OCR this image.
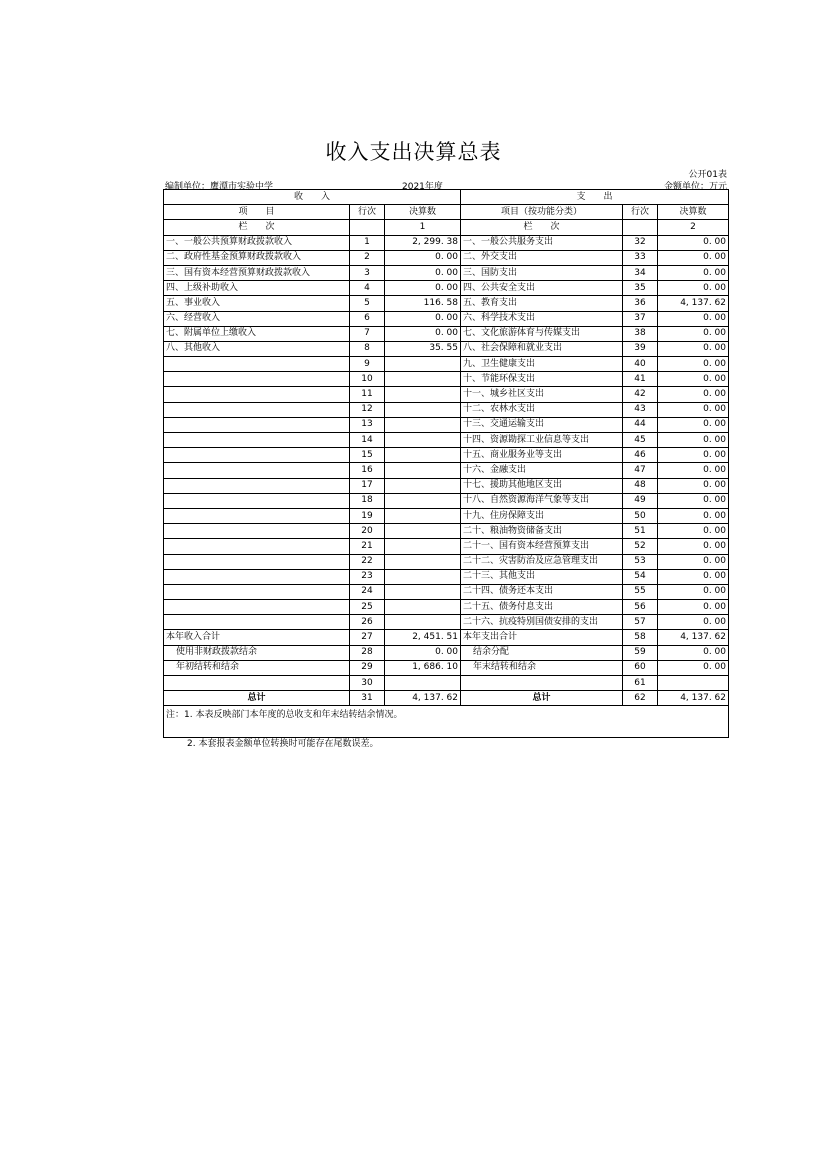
收入支出决算总表
公开01表
编制单位：鹰潭市实验中学	2021年度	金额单位：万元
收　　入			支　　出		
项　　目	行次	决算数	项目（按功能分类）	行次	决算数
栏　　次		1	栏　　次		2
一、一般公共预算财政拨款收入	1	2, 299. 38	一、一般公共服务支出	32	0. 00
二、政府性基金预算财政拨款收入	2	0. 00	二、外交支出	33	0. 00
三、国有资本经营预算财政拨款收入	3	0. 00	三、国防支出	34	0. 00
四、上级补助收入	4	0. 00	四、公共安全支出	35	0. 00
五、事业收入	5	116. 58	五、教育支出	36	4, 137. 62
六、经营收入	6	0. 00	六、科学技术支出	37	0. 00
七、附属单位上缴收入	7	0. 00	七、文化旅游体育与传媒支出	38	0. 00
八、其他收入	8	35. 55	八、社会保障和就业支出	39	0. 00
	9		九、卫生健康支出	40	0. 00
	10		十、节能环保支出	41	0. 00
	11		十一、城乡社区支出	42	0. 00
	12		十二、农林水支出	43	0. 00
	13		十三、交通运输支出	44	0. 00
	14		十四、资源勘探工业信息等支出	45	0. 00
	15		十五、商业服务业等支出	46	0. 00
	16		十六、金融支出	47	0. 00
	17		十七、援助其他地区支出	48	0. 00
	18		十八、自然资源海洋气象等支出	49	0. 00
	19		十九、住房保障支出	50	0. 00
	20		二十、粮油物资储备支出	51	0. 00
	21		二十一、国有资本经营预算支出	52	0. 00
	22		二十二、灾害防治及应急管理支出	53	0. 00
	23		二十三、其他支出	54	0. 00
	24		二十四、债务还本支出	55	0. 00
	25		二十五、债务付息支出	56	0. 00
	26		二十六、抗疫特别国债安排的支出	57	0. 00
本年收入合计	27	2, 451. 51	本年支出合计	58	4, 137. 62
使用非财政拨款结余	28	0. 00	结余分配	59	0. 00
年初结转和结余	29	1, 686. 10	年末结转和结余	60	0. 00
	30			61	
总计	31	4, 137. 62	总计	62	4, 137. 62
注：1. 本表反映部门本年度的总收支和年末结转结余情况。					
2. 本套报表金额单位转换时可能存在尾数误差。
